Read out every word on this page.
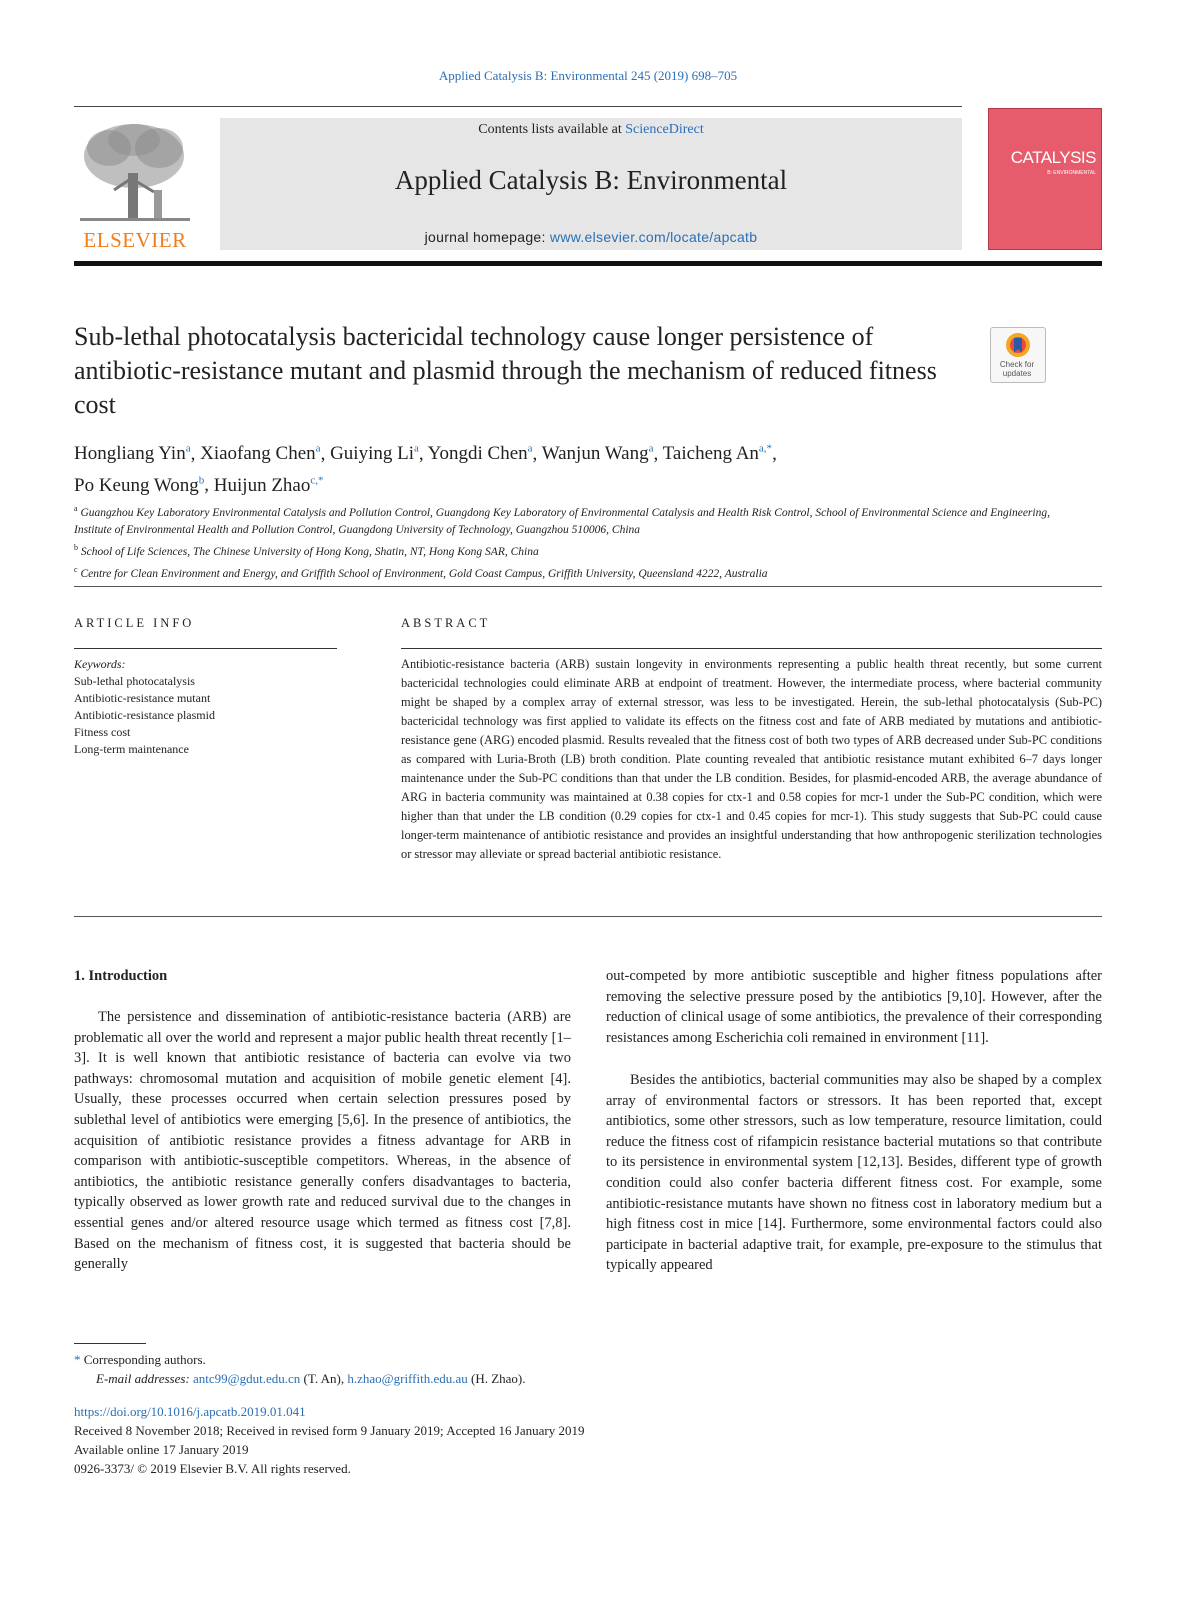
Applied Catalysis B: Environmental 245 (2019) 698–705
ELSEVIER
Contents lists available at ScienceDirect
Applied Catalysis B: Environmental
journal homepage: www.elsevier.com/locate/apcatb
CATALYSIS
B: ENVIRONMENTAL
Sub-lethal photocatalysis bactericidal technology cause longer persistence of antibiotic-resistance mutant and plasmid through the mechanism of reduced fitness cost
Check for
updates
Hongliang Yin$^a$, Xiaofang Chen$^a$, Guiying Li$^a$, Yongdi Chen$^a$, Wanjun Wang$^a$, Taicheng $An^{a,*}$,
Po Keung Wong$^b$, Huijun Zhao$^{c,*}$
$^a$ Guangzhou Key Laboratory Environmental Catalysis and Pollution Control, Guangdong Key Laboratory of Environmental Catalysis and Health Risk Control, School of Environmental Science and Engineering, Institute of Environmental Health and Pollution Control, Guangdong University of Technology, Guangzhou 510006, China
$^b$ School of Life Sciences, The Chinese University of Hong Kong, Shatin, NT, Hong Kong SAR, China
$^c$ Centre for Clean Environment and Energy, and Griffith School of Environment, Gold Coast Campus, Griffith University, Queensland 4222, Australia
ARTICLE INFO
Keywords:
Sub-lethal photocatalysis
Antibiotic-resistance mutant
Antibiotic-resistance plasmid
Fitness cost
Long-term maintenance
ABSTRACT

Antibiotic-resistance bacteria (ARB) sustain longevity in environments representing a public health threat recently, but some current bactericidal technologies could eliminate ARB at endpoint of treatment. However, the intermediate process, where bacterial community might be shaped by a complex array of external stressor, was less to be investigated. Herein, the sub-lethal photocatalysis (Sub-PC) bactericidal technology was first applied to validate its effects on the fitness cost and fate of ARB mediated by mutations and antibiotic-resistance gene (ARG) encoded plasmid. Results revealed that the fitness cost of both two types of ARB decreased under Sub-PC conditions as compared with Luria-Broth (LB) broth condition. Plate counting revealed that antibiotic resistance mutant exhibited 6–7 days longer maintenance under the Sub-PC conditions than that under the LB condition. Besides, for plasmid-encoded ARB, the average abundance of ARG in bacteria community was maintained at 0.38 copies for ctx-1 and 0.58 copies for mcr-1 under the Sub-PC condition, which were higher than that under the LB condition (0.29 copies for ctx-1 and 0.45 copies for mcr-1). This study suggests that Sub-PC could cause longer-term maintenance of antibiotic resistance and provides an insightful understanding that how anthropogenic sterilization technologies or stressor may alleviate or spread bacterial antibiotic resistance.

1. Introduction

The persistence and dissemination of antibiotic-resistance bacteria (ARB) are problematic all over the world and represent a major public health threat recently [1–3]. It is well known that antibiotic resistance of bacteria can evolve via two pathways: chromosomal mutation and acquisition of mobile genetic element [4]. Usually, these processes occurred when certain selection pressures posed by sublethal level of antibiotics were emerging [5,6]. In the presence of antibiotics, the acquisition of antibiotic resistance provides a fitness advantage for ARB in comparison with antibiotic-susceptible competitors. Whereas, in the absence of antibiotics, the antibiotic resistance generally confers disadvantages to bacteria, typically observed as lower growth rate and reduced survival due to the changes in essential genes and/or altered resource usage which termed as fitness cost [7,8]. Based on the mechanism of fitness cost, it is suggested that bacteria should be generally

out-competed by more antibiotic susceptible and higher fitness populations after removing the selective pressure posed by the antibiotics [9,10]. However, after the reduction of clinical usage of some antibiotics, the prevalence of their corresponding resistances among Escherichia coli remained in environment [11].

Besides the antibiotics, bacterial communities may also be shaped by a complex array of environmental factors or stressors. It has been reported that, except antibiotics, some other stressors, such as low temperature, resource limitation, could reduce the fitness cost of rifampicin resistance bacterial mutations so that contribute to its persistence in environmental system [12,13]. Besides, different type of growth condition could also confer bacteria different fitness cost. For example, some antibiotic-resistance mutants have shown no fitness cost in laboratory medium but a high fitness cost in mice [14]. Furthermore, some environmental factors could also participate in bacterial adaptive trait, for example, pre-exposure to the stimulus that typically appeared

* Corresponding authors.
E-mail addresses: antc99@gdut.edu.cn (T. An), h.zhao@griffith.edu.au (H. Zhao).
https://doi.org/10.1016/j.apcatb.2019.01.041
Received 8 November 2018; Received in revised form 9 January 2019; Accepted 16 January 2019
Available online 17 January 2019
0926-3373/ © 2019 Elsevier B.V. All rights reserved.
